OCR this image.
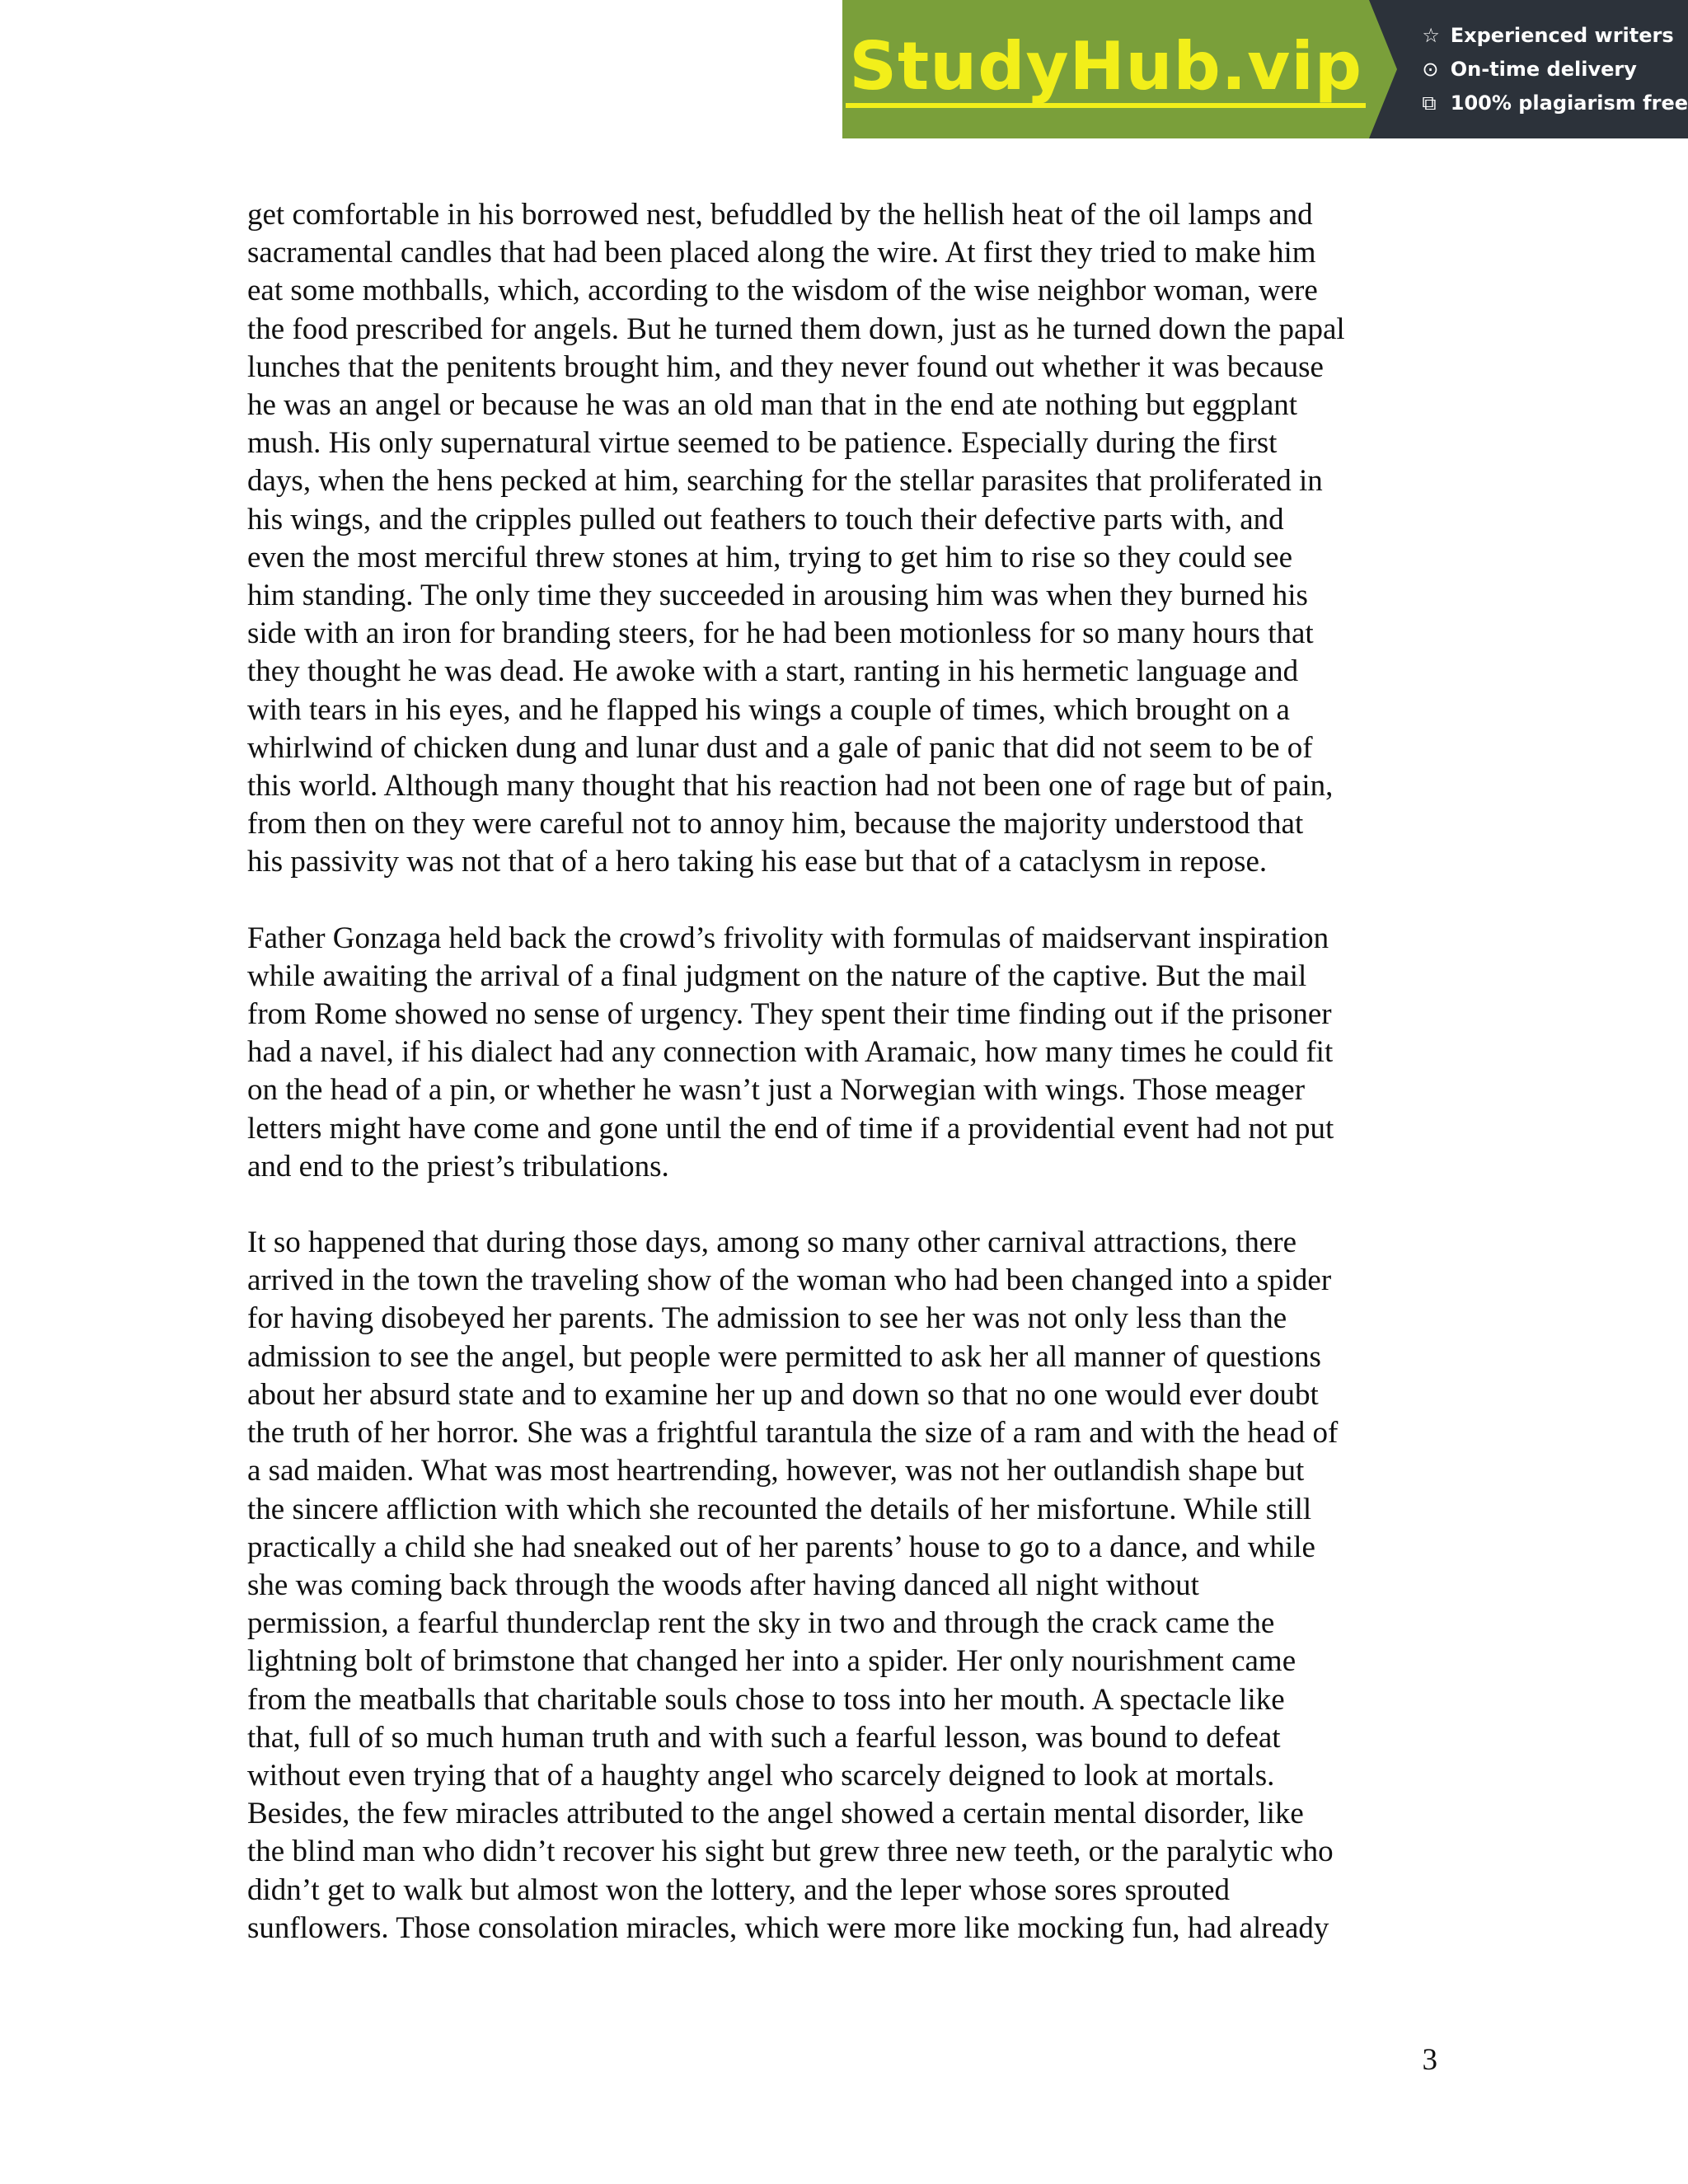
StudyHub.vip	☆ Experienced writers
⊙ On-time delivery
⧉ 100% plagiarism free
get comfortable in his borrowed nest, befuddled by the hellish heat of the oil lamps and
sacramental candles that had been placed along the wire. At first they tried to make him
eat some mothballs, which, according to the wisdom of the wise neighbor woman, were
the food prescribed for angels. But he turned them down, just as he turned down the papal
lunches that the penitents brought him, and they never found out whether it was because
he was an angel or because he was an old man that in the end ate nothing but eggplant
mush. His only supernatural virtue seemed to be patience. Especially during the first
days, when the hens pecked at him, searching for the stellar parasites that proliferated in
his wings, and the cripples pulled out feathers to touch their defective parts with, and
even the most merciful threw stones at him, trying to get him to rise so they could see
him standing. The only time they succeeded in arousing him was when they burned his
side with an iron for branding steers, for he had been motionless for so many hours that
they thought he was dead. He awoke with a start, ranting in his hermetic language and
with tears in his eyes, and he flapped his wings a couple of times, which brought on a
whirlwind of chicken dung and lunar dust and a gale of panic that did not seem to be of
this world. Although many thought that his reaction had not been one of rage but of pain,
from then on they were careful not to annoy him, because the majority understood that
his passivity was not that of a hero taking his ease but that of a cataclysm in repose.
Father Gonzaga held back the crowd’s frivolity with formulas of maidservant inspiration
while awaiting the arrival of a final judgment on the nature of the captive. But the mail
from Rome showed no sense of urgency. They spent their time finding out if the prisoner
had a navel, if his dialect had any connection with Aramaic, how many times he could fit
on the head of a pin, or whether he wasn’t just a Norwegian with wings. Those meager
letters might have come and gone until the end of time if a providential event had not put
and end to the priest’s tribulations.
It so happened that during those days, among so many other carnival attractions, there
arrived in the town the traveling show of the woman who had been changed into a spider
for having disobeyed her parents. The admission to see her was not only less than the
admission to see the angel, but people were permitted to ask her all manner of questions
about her absurd state and to examine her up and down so that no one would ever doubt
the truth of her horror. She was a frightful tarantula the size of a ram and with the head of
a sad maiden. What was most heartrending, however, was not her outlandish shape but
the sincere affliction with which she recounted the details of her misfortune. While still
practically a child she had sneaked out of her parents’ house to go to a dance, and while
she was coming back through the woods after having danced all night without
permission, a fearful thunderclap rent the sky in two and through the crack came the
lightning bolt of brimstone that changed her into a spider. Her only nourishment came
from the meatballs that charitable souls chose to toss into her mouth. A spectacle like
that, full of so much human truth and with such a fearful lesson, was bound to defeat
without even trying that of a haughty angel who scarcely deigned to look at mortals.
Besides, the few miracles attributed to the angel showed a certain mental disorder, like
the blind man who didn’t recover his sight but grew three new teeth, or the paralytic who
didn’t get to walk but almost won the lottery, and the leper whose sores sprouted
sunflowers. Those consolation miracles, which were more like mocking fun, had already
3
